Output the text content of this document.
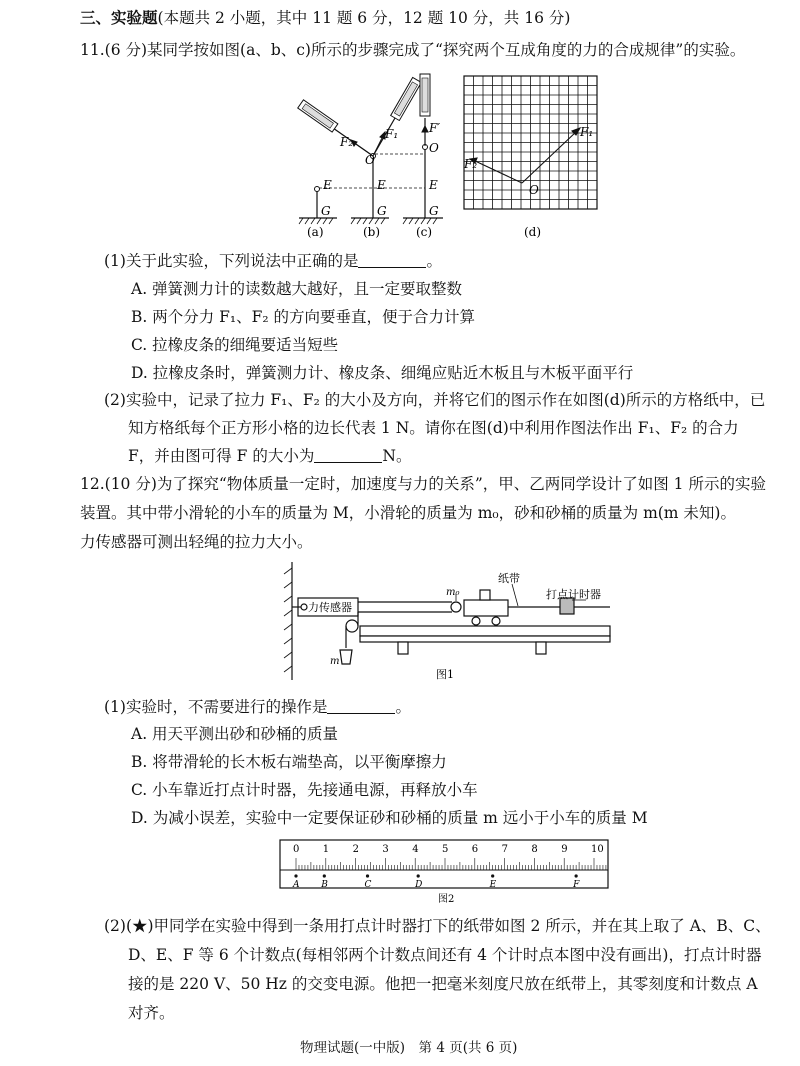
三、实验题(本题共 2 小题，其中 11 题 6 分，12 题 10 分，共 16 分)
11.(6 分)某同学按如图(a、b、c)所示的步骤完成了“探究两个互成角度的力的合成规律”的实验。
F₂
F₁	F′
O
O
E	E	E
G	G	G
(a)	(b)	(c)
F₁
F₂
O
(d)
(1)关于此实验，下列说法中正确的是	。
A. 弹簧测力计的读数越大越好，且一定要取整数
B. 两个分力 F₁、F₂ 的方向要垂直，便于合力计算
C. 拉橡皮条的细绳要适当短些
D. 拉橡皮条时，弹簧测力计、橡皮条、细绳应贴近木板且与木板平面平行
(2)实验中，记录了拉力 F₁、F₂ 的大小及方向，并将它们的图示作在如图(d)所示的方格纸中，已
知方格纸每个正方形小格的边长代表 1 N。请你在图(d)中利用作图法作出 F₁、F₂ 的合力
F，并由图可得 F 的大小为	N。
12.(10 分)为了探究“物体质量一定时，加速度与力的关系”，甲、乙两同学设计了如图 1 所示的实验
装置。其中带小滑轮的小车的质量为 M，小滑轮的质量为 m₀，砂和砂桶的质量为 m(m 未知)。
力传感器可测出轻绳的拉力大小。
力传感器
纸带
打点计时器
m₀
m
图1
(1)实验时，不需要进行的操作是	。
A. 用天平测出砂和砂桶的质量
B. 将带滑轮的长木板右端垫高，以平衡摩擦力
C. 小车靠近打点计时器，先接通电源，再释放小车
D. 为减小误差，实验中一定要保证砂和砂桶的质量 m 远小于小车的质量 M
0 1 2 3 4 5 6 7 8 9 10
A B	C	D	E	F
图2
(2)(★)甲同学在实验中得到一条用打点计时器打下的纸带如图 2 所示，并在其上取了 A、B、C、
D、E、F 等 6 个计数点(每相邻两个计数点间还有 4 个计时点本图中没有画出)，打点计时器
接的是 220 V、50 Hz 的交变电源。他把一把毫米刻度尺放在纸带上，其零刻度和计数点 A
对齐。
物理试题(一中版)　第 4 页(共 6 页)
